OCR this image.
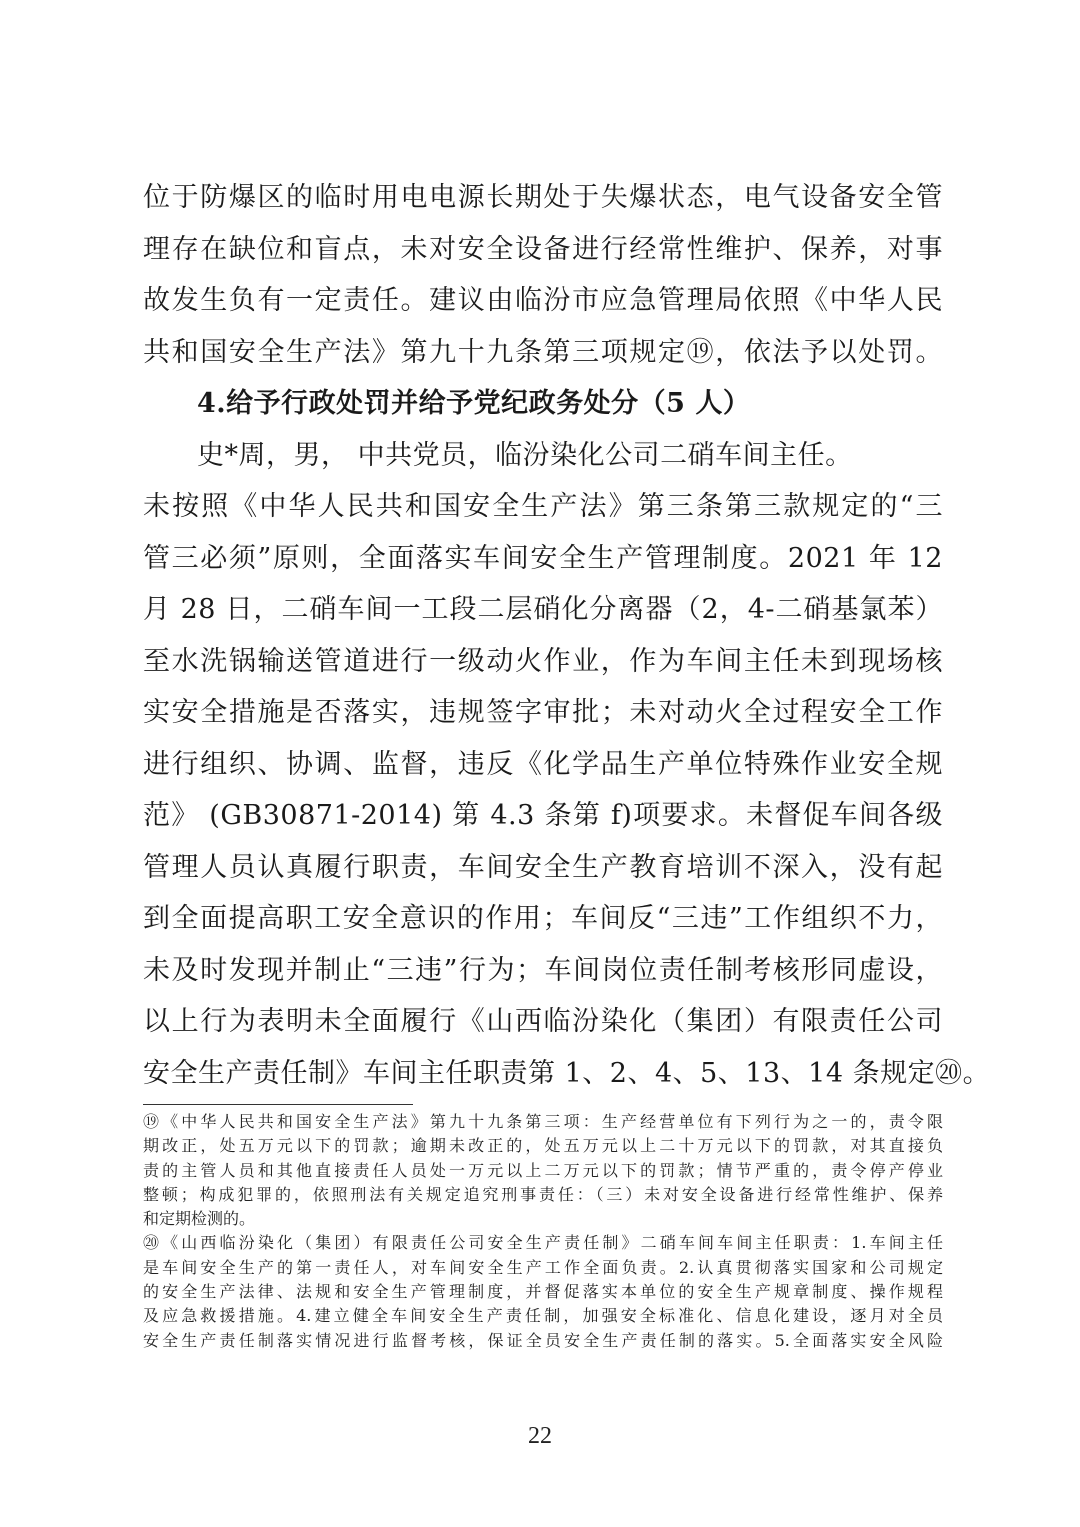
位于防爆区的临时用电电源长期处于失爆状态，电气设备安全管
理存在缺位和盲点，未对安全设备进行经常性维护、保养，对事
故发生负有一定责任。建议由临汾市应急管理局依照《中华人民
共和国安全生产法》第九十九条第三项规定⑲，依法予以处罚。
4.给予行政处罚并给予党纪政务处分（5 人）
史*周，男， 中共党员，临汾染化公司二硝车间主任。
未按照《中华人民共和国安全生产法》第三条第三款规定的“三
管三必须”原则，全面落实车间安全生产管理制度。2021 年 12
月 28 日，二硝车间一工段二层硝化分离器（2，4-二硝基氯苯）
至水洗锅输送管道进行一级动火作业，作为车间主任未到现场核
实安全措施是否落实，违规签字审批；未对动火全过程安全工作
进行组织、协调、监督，违反《化学品生产单位特殊作业安全规
范》 (GB30871-2014) 第 4.3 条第 f)项要求。未督促车间各级
管理人员认真履行职责，车间安全生产教育培训不深入，没有起
到全面提高职工安全意识的作用；车间反“三违”工作组织不力，
未及时发现并制止“三违”行为；车间岗位责任制考核形同虚设，
以上行为表明未全面履行《山西临汾染化（集团）有限责任公司
安全生产责任制》车间主任职责第 1、2、4、5、13、14 条规定⑳。
⑲《中华人民共和国安全生产法》第九十九条第三项：生产经营单位有下列行为之一的，责令限
期改正，处五万元以下的罚款；逾期未改正的，处五万元以上二十万元以下的罚款，对其直接负
责的主管人员和其他直接责任人员处一万元以上二万元以下的罚款；情节严重的，责令停产停业
整顿；构成犯罪的，依照刑法有关规定追究刑事责任：（三）未对安全设备进行经常性维护、保养
和定期检测的。
⑳《山西临汾染化（集团）有限责任公司安全生产责任制》二硝车间车间主任职责：1.车间主任
是车间安全生产的第一责任人，对车间安全生产工作全面负责。2.认真贯彻落实国家和公司规定
的安全生产法律、法规和安全生产管理制度，并督促落实本单位的安全生产规章制度、操作规程
及应急救援措施。4.建立健全车间安全生产责任制，加强安全标准化、信息化建设，逐月对全员
安全生产责任制落实情况进行监督考核，保证全员安全生产责任制的落实。5.全面落实安全风险
22
